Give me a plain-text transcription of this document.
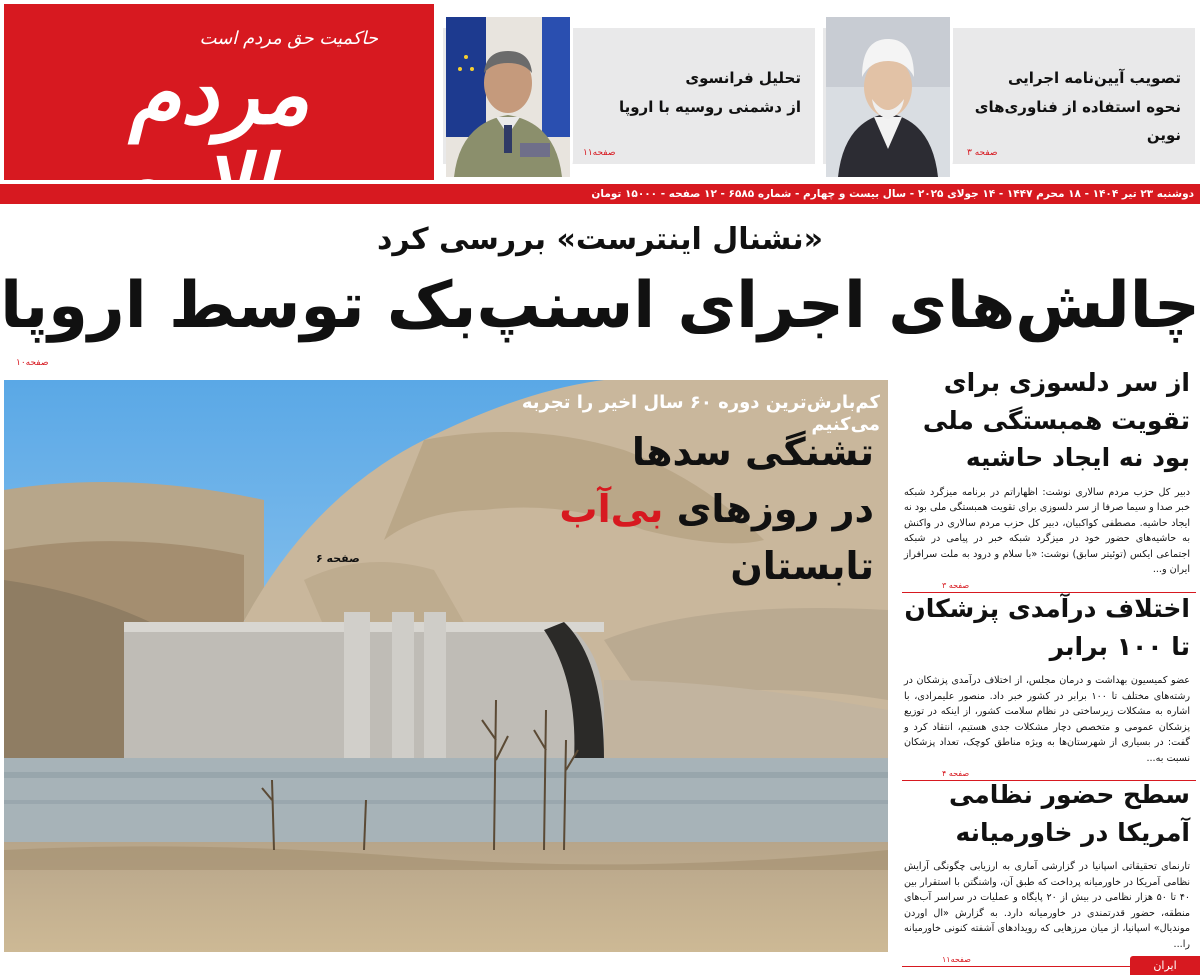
حاکمیت حق مردم است
مردم	تصویب آیین‌نامه اجرایی
نحوه استفاده از فناوری‌های نوین
صفحه ۳
تحلیل فرانسوی
از دشمنی روسیه با اروپا
صفحه۱۱
دوشنبه ۲۳ تیر ۱۴۰۴ - ۱۸ محرم ۱۴۴۷ - ۱۴ جولای ۲۰۲۵ - سال بیست و چهارم - شماره ۶۵۸۵ - ۱۲ صفحه - ۱۵۰۰۰ تومان
«نشنال اینترست» بررسی کرد
چالش‌های اجرای اسنپ‌بک توسط اروپا
صفحه۱۰
کم‌بارش‌ترین دوره ۶۰ سال اخیر را تجربه می‌کنیم
تشنگی سدها
در روزهای بی‌آب تابستان
صفحه ۶
از سر دلسوزی برای تقویت همبستگی ملی بود نه ایجاد حاشیه
دبیر کل حزب مردم سالاری نوشت: اظهاراتم در برنامه میزگرد شبکه خبر صدا و سیما صرفا از سر دلسوزی برای تقویت همبستگی ملی بود نه ایجاد حاشیه. مصطفی کواکبیان، دبیر کل حزب مردم سالاری در واکنش به حاشیه‌های حضور خود در میزگرد شبکه خبر در پیامی در شبکه اجتماعی ایکس (توئیتر سابق) نوشت: «با سلام و درود به ملت سرافراز ایران و...
صفحه ۳
اختلاف درآمدی پزشکان تا ۱۰۰ برابر
عضو کمیسیون بهداشت و درمان مجلس، از اختلاف درآمدی پزشکان در رشته‌های مختلف تا ۱۰۰ برابر در کشور خبر داد. منصور علیمرادی، با اشاره به مشکلات زیرساختی در نظام سلامت کشور، از اینکه در توزیع پزشکان عمومی و متخصص دچار مشکلات جدی هستیم، انتقاد کرد و گفت: در بسیاری از شهرستان‌ها به ویژه مناطق کوچک، تعداد پزشکان نسبت به...
صفحه ۴
سطح حضور نظامی آمریکا در خاورمیانه
تارنمای تحقیقاتی اسپانیا در گزارشی آماری به ارزیابی چگونگی آرایش نظامی آمریکا در خاورمیانه پرداخت که طبق آن، واشنگتن با استقرار بین ۴۰ تا ۵۰ هزار نظامی در بیش از ۲۰ پایگاه و عملیات در سراسر آب‌های منطقه، حضور قدرتمندی در خاورمیانه دارد. به گزارش «ال اوردن موندیال» اسپانیا، از میان مرزهایی که رویدادهای آشفته کنونی خاورمیانه را...
صفحه۱۱	ایران
